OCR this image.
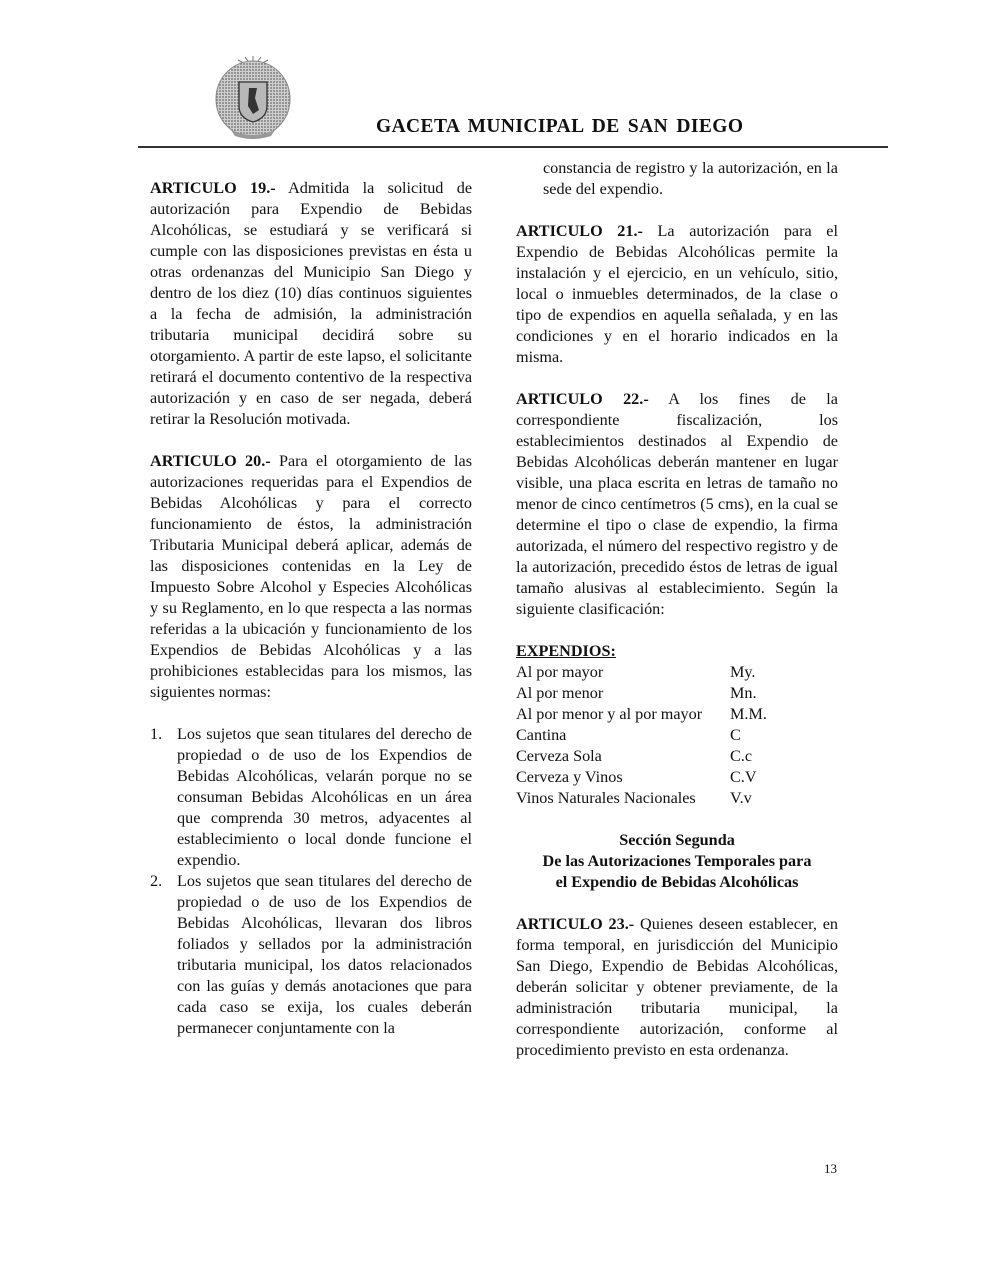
GACETA MUNICIPAL DE SAN DIEGO

ARTICULO 19.- Admitida la solicitud de autorización para Expendio de Bebidas Alcohólicas, se estudiará y se verificará si cumple con las disposiciones previstas en ésta u otras ordenanzas del Municipio San Diego y dentro de los diez (10) días continuos siguientes a la fecha de admisión, la administración tributaria municipal decidirá sobre su otorgamiento. A partir de este lapso, el solicitante retirará el documento contentivo de la respectiva autorización y en caso de ser negada, deberá retirar la Resolución motivada.

ARTICULO 20.- Para el otorgamiento de las autorizaciones requeridas para el Expendios de Bebidas Alcohólicas y para el correcto funcionamiento de éstos, la administración Tributaria Municipal deberá aplicar, además de las disposiciones contenidas en la Ley de Impuesto Sobre Alcohol y Especies Alcohólicas y su Reglamento, en lo que respecta a las normas referidas a la ubicación y funcionamiento de los Expendios de Bebidas Alcohólicas y a las prohibiciones establecidas para los mismos, las siguientes normas:

1. Los sujetos que sean titulares del derecho de propiedad o de uso de los Expendios de Bebidas Alcohólicas, velarán porque no se consuman Bebidas Alcohólicas en un área que comprenda 30 metros, adyacentes al establecimiento o local donde funcione el expendio.
2. Los sujetos que sean titulares del derecho de propiedad o de uso de los Expendios de Bebidas Alcohólicas, llevaran dos libros foliados y sellados por la administración tributaria municipal, los datos relacionados con las guías y demás anotaciones que para cada caso se exija, los cuales deberán permanecer conjuntamente con la

constancia de registro y la autorización, en la sede del expendio.

ARTICULO 21.- La autorización para el Expendio de Bebidas Alcohólicas permite la instalación y el ejercicio, en un vehículo, sitio, local o inmuebles determinados, de la clase o tipo de expendios en aquella señalada, y en las condiciones y en el horario indicados en la misma.

ARTICULO 22.- A los fines de la correspondiente fiscalización, los establecimientos destinados al Expendio de Bebidas Alcohólicas deberán mantener en lugar visible, una placa escrita en letras de tamaño no menor de cinco centímetros (5 cms), en la cual se determine el tipo o clase de expendio, la firma autorizada, el número del respectivo registro y de la autorización, precedido éstos de letras de igual tamaño alusivas al establecimiento. Según la siguiente clasificación:

EXPENDIOS:

Al por mayor	My.
Al por menor	Mn.
Al por menor y al por mayor	M.M.
Cantina	C
Cerveza Sola	C.c
Cerveza y Vinos	C.V
Vinos Naturales Nacionales	V.v
Sección Segunda
De las Autorizaciones Temporales para
el Expendio de Bebidas Alcohólicas

ARTICULO 23.- Quienes deseen establecer, en forma temporal, en jurisdicción del Municipio San Diego, Expendio de Bebidas Alcohólicas, deberán solicitar y obtener previamente, de la administración tributaria municipal, la correspondiente autorización, conforme al procedimiento previsto en esta ordenanza.

13
